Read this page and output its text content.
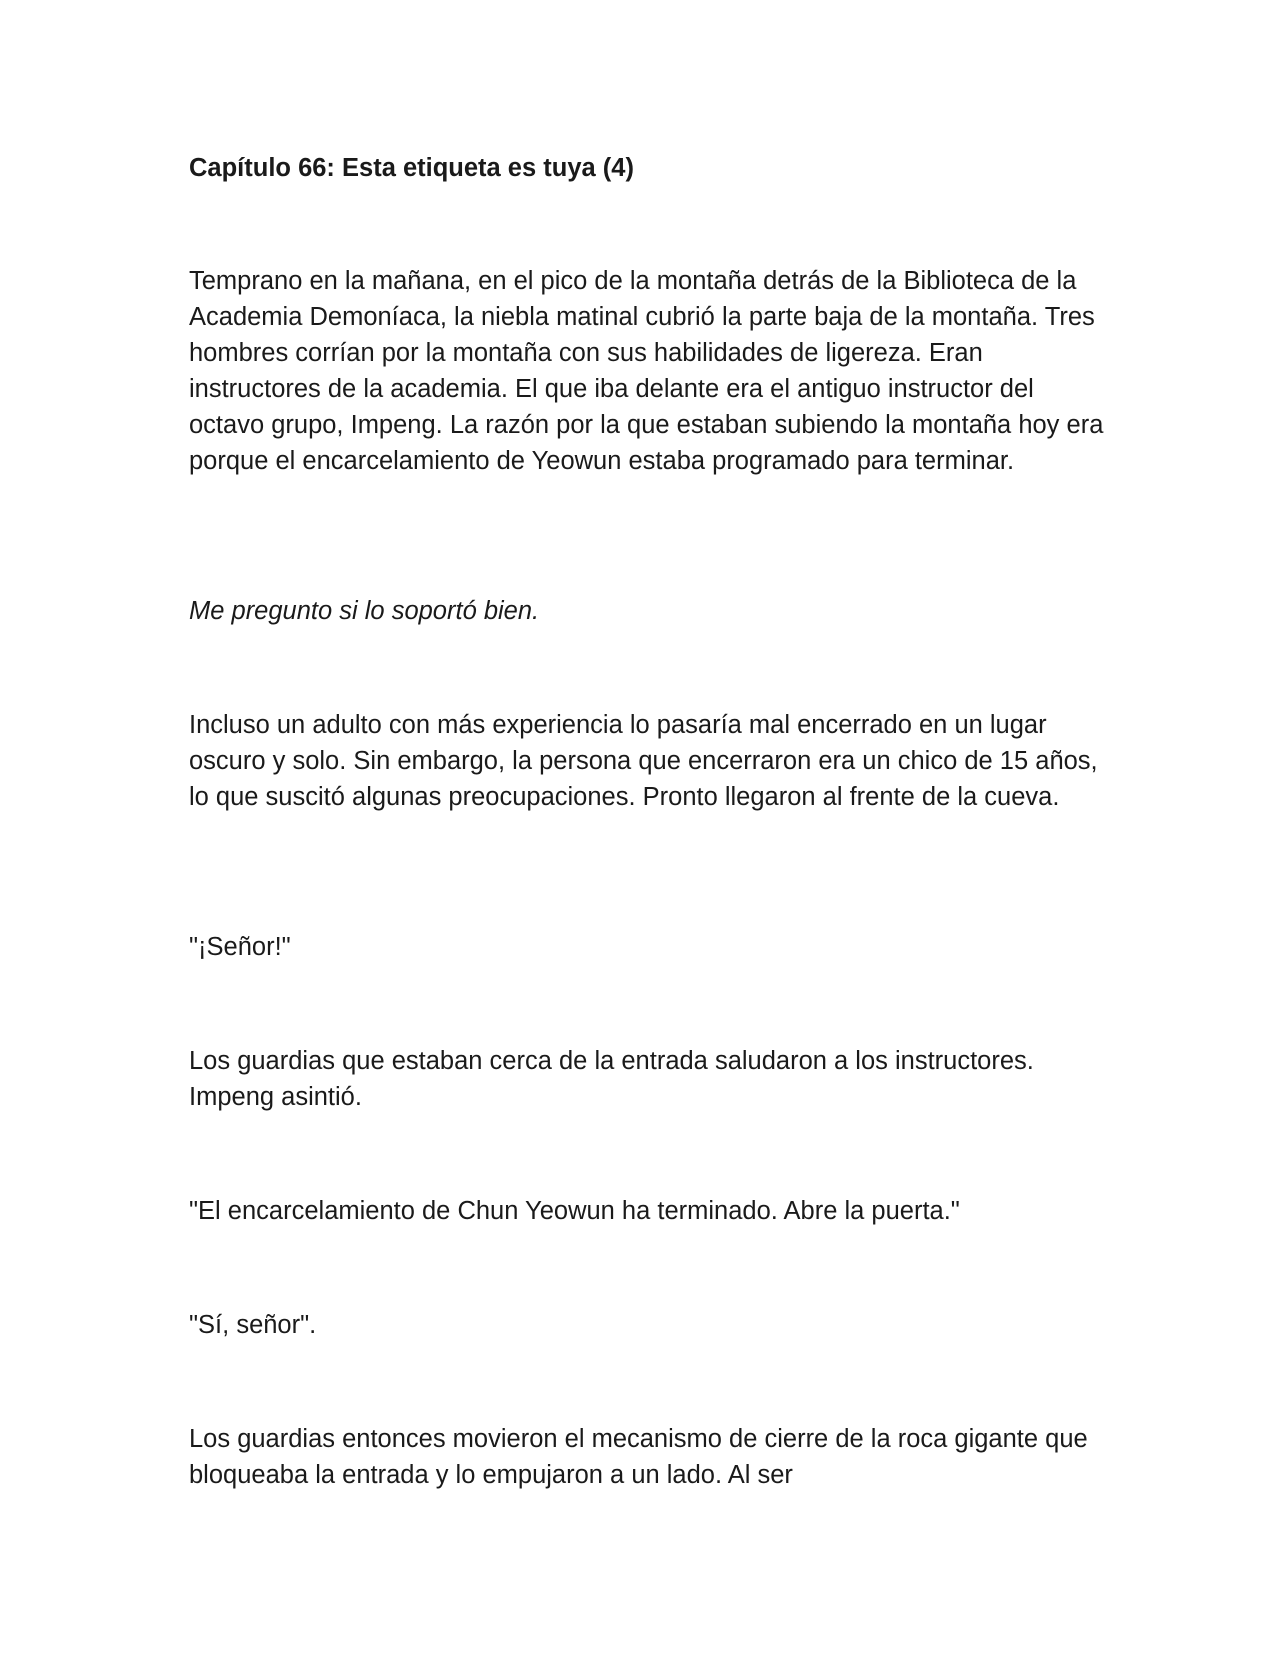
Capítulo 66: Esta etiqueta es tuya (4)

Temprano en la mañana, en el pico de la montaña detrás de la Biblioteca de la Academia Demoníaca, la niebla matinal cubrió la parte baja de la montaña. Tres hombres corrían por la montaña con sus habilidades de ligereza. Eran instructores de la academia. El que iba delante era el antiguo instructor del octavo grupo, Impeng. La razón por la que estaban subiendo la montaña hoy era porque el encarcelamiento de Yeowun estaba programado para terminar.

Me pregunto si lo soportó bien.

Incluso un adulto con más experiencia lo pasaría mal encerrado en un lugar oscuro y solo. Sin embargo, la persona que encerraron era un chico de 15 años, lo que suscitó algunas preocupaciones. Pronto llegaron al frente de la cueva.

"¡Señor!"

Los guardias que estaban cerca de la entrada saludaron a los instructores. Impeng asintió.

"El encarcelamiento de Chun Yeowun ha terminado. Abre la puerta."

"Sí, señor".

Los guardias entonces movieron el mecanismo de cierre de la roca gigante que bloqueaba la entrada y lo empujaron a un lado. Al ser
